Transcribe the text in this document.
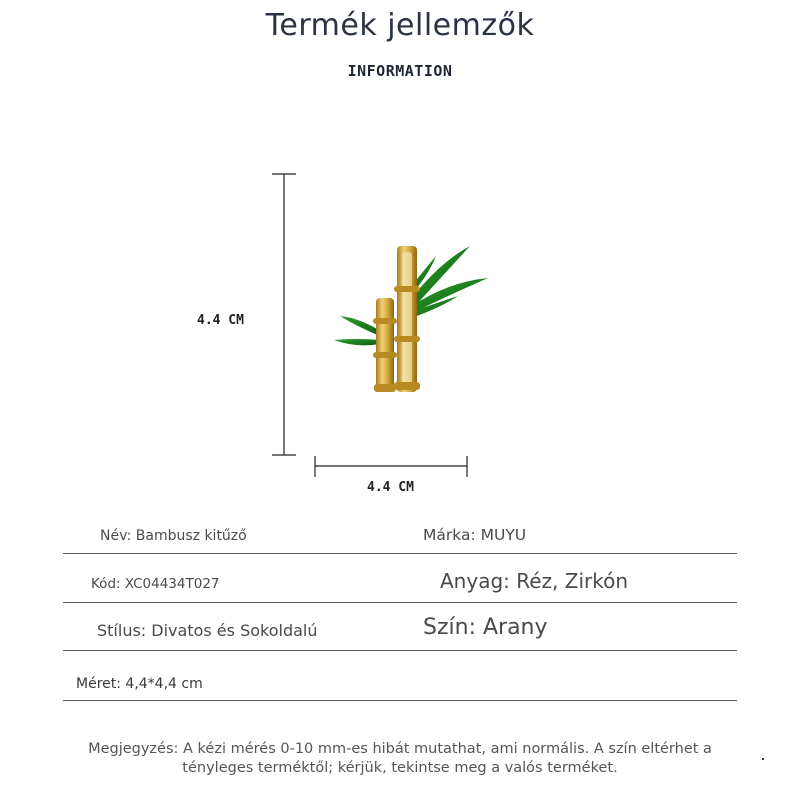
Termék jellemzők
INFORMATION
4.4 CM
4.4 CM
Név: Bambusz kitűző	Márka: MUYU
Kód: XC04434T027	Anyag: Réz, Zirkón
Stílus: Divatos és Sokoldalú	Szín: Arany
Méret: 4,4*4,4 cm
Megjegyzés: A kézi mérés 0-10 mm-es hibát mutathat, ami normális. A szín eltérhet a tényleges terméktől; kérjük, tekintse meg a valós terméket.
